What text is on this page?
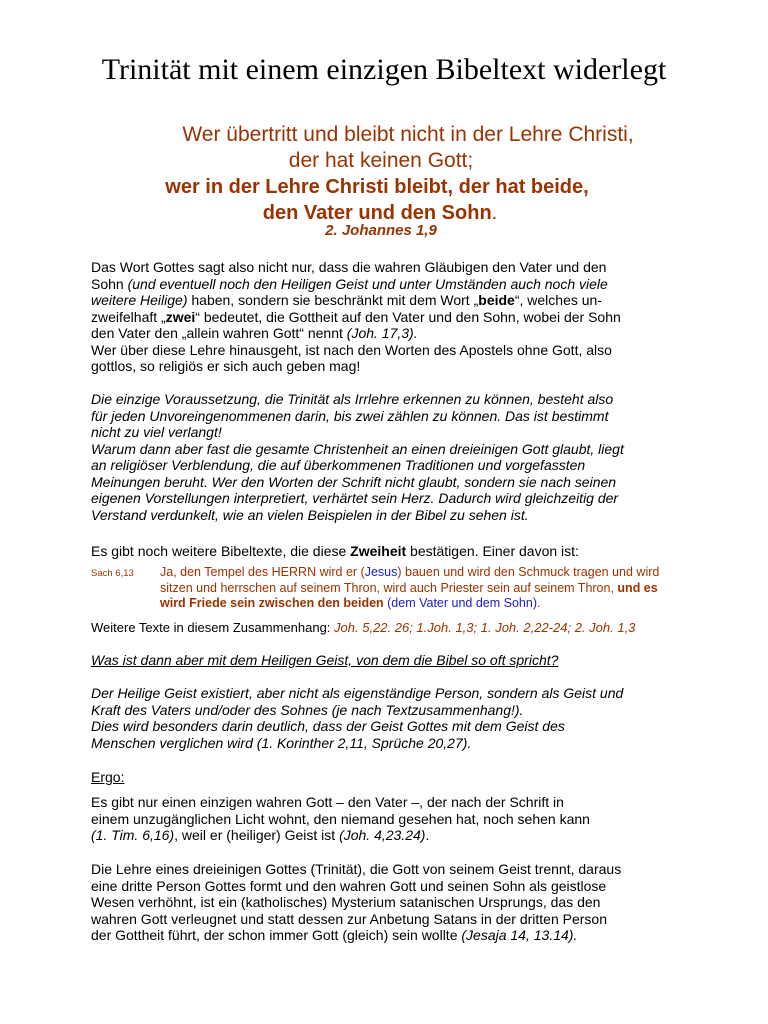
Trinität mit einem einzigen Bibeltext widerlegt
Wer übertritt und bleibt nicht in der Lehre Christi,
der hat keinen Gott;
wer in der Lehre Christi bleibt, der hat beide,
den Vater und den Sohn.
2. Johannes 1,9
Das Wort Gottes sagt also nicht nur, dass die wahren Gläubigen den Vater und den
Sohn (und eventuell noch den Heiligen Geist und unter Umständen auch noch viele
weitere Heilige) haben, sondern sie beschränkt mit dem Wort „beide“, welches un-
zweifelhaft „zwei“ bedeutet, die Gottheit auf den Vater und den Sohn, wobei der Sohn
den Vater den „allein wahren Gott“ nennt (Joh. 17,3).
Wer über diese Lehre hinausgeht, ist nach den Worten des Apostels ohne Gott, also
gottlos, so religiös er sich auch geben mag!
Die einzige Voraussetzung, die Trinität als Irrlehre erkennen zu können, besteht also
für jeden Unvoreingenommenen darin, bis zwei zählen zu können. Das ist bestimmt
nicht zu viel verlangt!
Warum dann aber fast die gesamte Christenheit an einen dreieinigen Gott glaubt, liegt
an religiöser Verblendung, die auf überkommenen Traditionen und vorgefassten
Meinungen beruht. Wer den Worten der Schrift nicht glaubt, sondern sie nach seinen
eigenen Vorstellungen interpretiert, verhärtet sein Herz. Dadurch wird gleichzeitig der
Verstand verdunkelt, wie an vielen Beispielen in der Bibel zu sehen ist.
Es gibt noch weitere Bibeltexte, die diese Zweiheit bestätigen. Einer davon ist:
Sach 6,13 Ja, den Tempel des HERRN wird er (Jesus) bauen und wird den Schmuck tragen und wird
sitzen und herrschen auf seinem Thron, wird auch Priester sein auf seinem Thron, und es
wird Friede sein zwischen den beiden (dem Vater und dem Sohn).
Weitere Texte in diesem Zusammenhang: Joh. 5,22. 26; 1.Joh. 1,3; 1. Joh. 2,22-24; 2. Joh. 1,3
Was ist dann aber mit dem Heiligen Geist, von dem die Bibel so oft spricht?
Der Heilige Geist existiert, aber nicht als eigenständige Person, sondern als Geist und
Kraft des Vaters und/oder des Sohnes (je nach Textzusammenhang!).
Dies wird besonders darin deutlich, dass der Geist Gottes mit dem Geist des
Menschen verglichen wird (1. Korinther 2,11, Sprüche 20,27).
Ergo:
Es gibt nur einen einzigen wahren Gott – den Vater –, der nach der Schrift in
einem unzugänglichen Licht wohnt, den niemand gesehen hat, noch sehen kann
(1. Tim. 6,16), weil er (heiliger) Geist ist (Joh. 4,23.24).
Die Lehre eines dreieinigen Gottes (Trinität), die Gott von seinem Geist trennt, daraus
eine dritte Person Gottes formt und den wahren Gott und seinen Sohn als geistlose
Wesen verhöhnt, ist ein (katholisches) Mysterium satanischen Ursprungs, das den
wahren Gott verleugnet und statt dessen zur Anbetung Satans in der dritten Person
der Gottheit führt, der schon immer Gott (gleich) sein wollte (Jesaja 14, 13.14).
